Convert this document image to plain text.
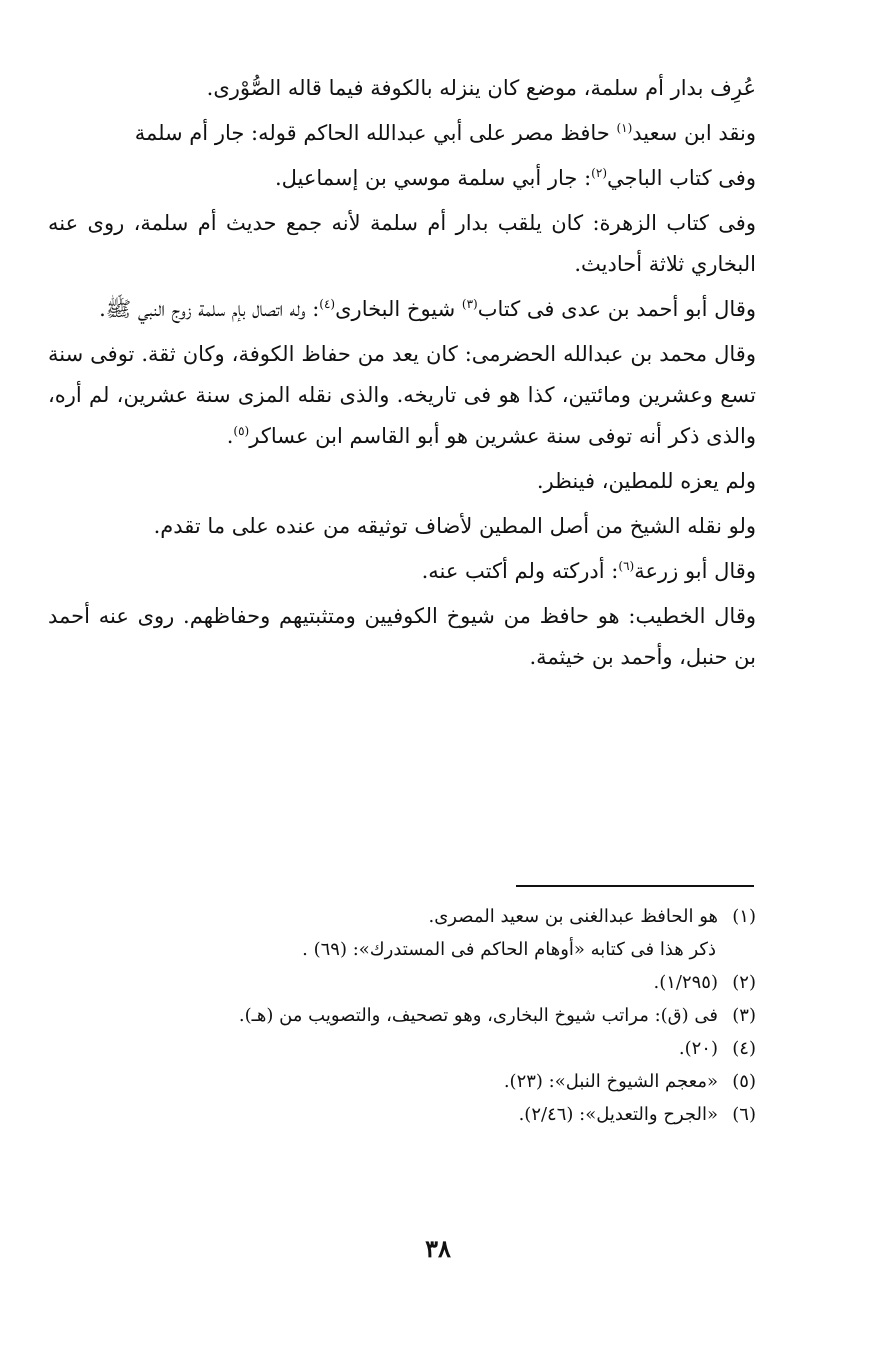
عُرِف بدار أم سلمة، موضع كان ينزله بالكوفة فيما قاله الصُّوْرى.

ونقد ابن سعيد$^{(١)}$ حافظ مصر على أبي عبدالله الحاكم قوله: جار أم سلمة

وفى كتاب الباجي$^{(٢)}$: جار أبي سلمة موسي بن إسماعيل.

وفى كتاب الزهرة: كان يلقب بدار أم سلمة لأنه جمع حديث أم سلمة، روى عنه البخاري ثلاثة أحاديث.

وقال أبو أحمد بن عدى فى كتاب$^{(٣)}$ شيوخ البخارى$^{(٤)}$: وله اتصال بإم سلمة زوج النبي ﷺ.

وقال محمد بن عبدالله الحضرمى: كان يعد من حفاظ الكوفة، وكان ثقة. توفى سنة تسع وعشرين ومائتين، كذا هو فى تاريخه. والذى نقله المزى سنة عشرين، لم أره، والذى ذكر أنه توفى سنة عشرين هو أبو القاسم ابن عساكر$^{(٥)}$.

ولم يعزه للمطين، فينظر.

ولو نقله الشيخ من أصل المطين لأضاف توثيقه من عنده على ما تقدم.

وقال أبو زرعة$^{(٦)}$: أدركته ولم أكتب عنه.

وقال الخطيب: هو حافظ من شيوخ الكوفيين ومتثبتيهم وحفاظهم. روى عنه أحمد بن حنبل، وأحمد بن خيثمة.

(١)هو الحافظ عبدالغنى بن سعيد المصرى.

ذكر هذا فى كتابه «أوهام الحاكم فى المستدرك»: (٦٩) .

(٢)(١/٢٩٥).

(٣)فى (ق): مراتب شيوخ البخارى، وهو تصحيف، والتصويب من (هـ).

(٤)(٢٠).

(٥)«معجم الشيوخ النبل»: (٢٣).

(٦)«الجرح والتعديل»: (٢/٤٦).

٣٨
